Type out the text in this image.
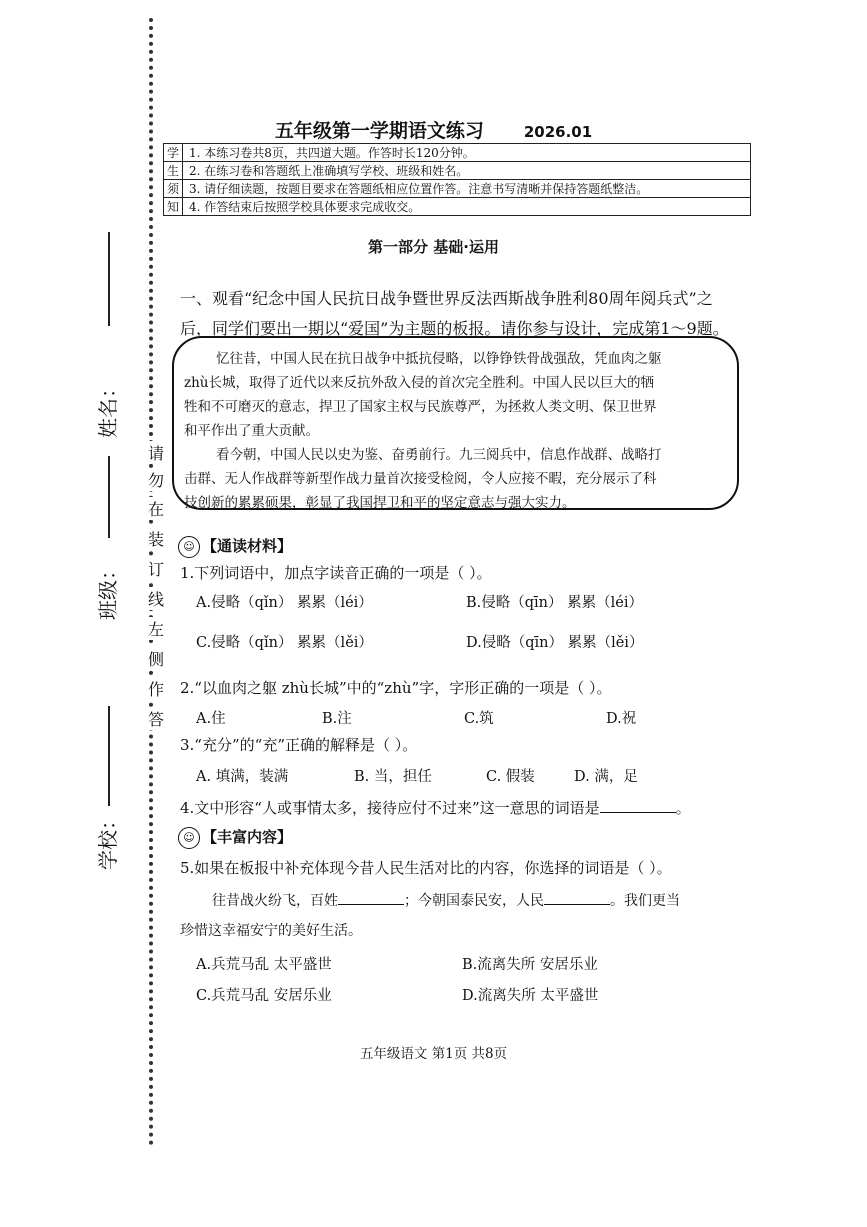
姓名：
班级：
学校：
请
勿
在
装
订
线
左
侧
作
答
五年级第一学期语文练习	2026.01
学	1. 本练习卷共8页，共四道大题。作答时长120分钟。
生	2. 在练习卷和答题纸上准确填写学校、班级和姓名。
须	3. 请仔细读题，按题目要求在答题纸相应位置作答。注意书写清晰并保持答题纸整洁。
知	4. 作答结束后按照学校具体要求完成收交。
第一部分 基础·运用
一、观看“纪念中国人民抗日战争暨世界反法西斯战争胜利80周年阅兵式”之
后，同学们要出一期以“爱国”为主题的板报。请你参与设计，完成第1～9题。
忆往昔，中国人民在抗日战争中抵抗侵略，以铮铮铁骨战强敌，凭血肉之躯
zhù长城，取得了近代以来反抗外敌入侵的首次完全胜利。中国人民以巨大的牺
牲和不可磨灭的意志，捍卫了国家主权与民族尊严，为拯救人类文明、保卫世界
和平作出了重大贡献。
看今朝，中国人民以史为鉴、奋勇前行。九三阅兵中，信息作战群、战略打
击群、无人作战群等新型作战力量首次接受检阅，令人应接不暇，充分展示了科
技创新的累累硕果，彰显了我国捍卫和平的坚定意志与强大实力。
☺ 【通读材料】
1.下列词语中，加点字读音正确的一项是（ ）。
A.侵略（qǐn） 累累（léi）	B.侵略（qīn） 累累（léi）
C.侵略（qǐn） 累累（lěi）	D.侵略（qīn） 累累（lěi）
2.“以血肉之躯 zhù长城”中的“zhù”字，字形正确的一项是（ ）。
A.住	B.注	C.筑	D.祝
3.“充分”的“充”正确的解释是（ ）。
A. 填满，装满	B. 当，担任	C. 假装	D. 满，足
4.文中形容“人或事情太多，接待应付不过来”这一意思的词语是	。
☺ 【丰富内容】
5.如果在板报中补充体现今昔人民生活对比的内容，你选择的词语是（ ）。
往昔战火纷飞，百姓	；今朝国泰民安，人民	。我们更当
珍惜这幸福安宁的美好生活。
A.兵荒马乱 太平盛世	B.流离失所 安居乐业
C.兵荒马乱 安居乐业	D.流离失所 太平盛世
五年级语文 第1页 共8页
